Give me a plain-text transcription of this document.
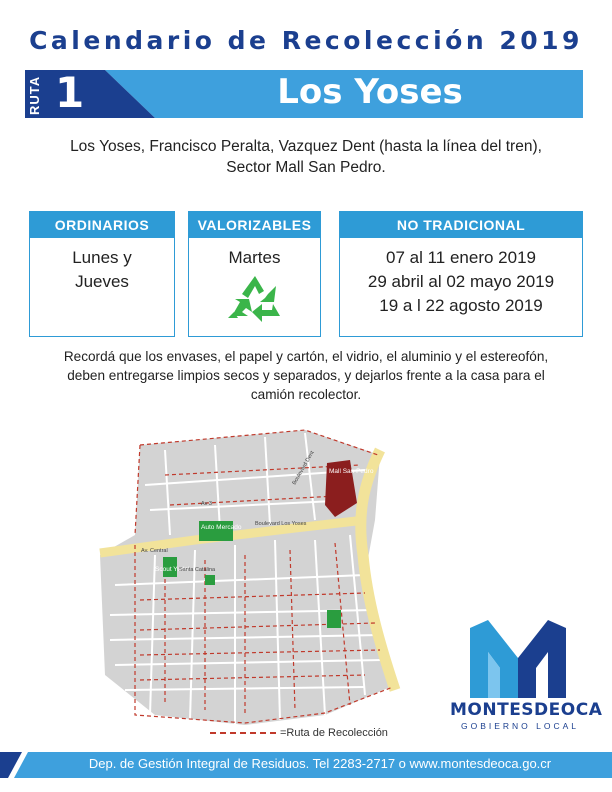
Calendario de Recolección 2019
RUTA 1	Los Yoses
Los Yoses, Francisco Peralta, Vazquez Dent (hasta la línea del tren),
Sector Mall San Pedro.
ORDINARIOS
Lunes y
Jueves
VALORIZABLES
Martes
NO TRADICIONAL
07 al 11 enero 2019
29 abril al 02 mayo 2019
19 a l 22 agosto 2019
Recordá que los envases, el papel y cartón, el vidrio, el aluminio y el estereofón,
deben entregarse limpios secos y separados, y dejarlos frente a la casa para el
camión recolector.
Mall San Pedro
Auto Mercado
Scout Yudel
Santa Catalina
Boulevard Los Yoses
Boulevard Dent
Av. Central
Av 3
=Ruta de Recolección
MONTESDEOCA
GOBIERNO LOCAL
Dep. de Gestión Integral de Residuos. Tel 2283-2717 o www.montesdeoca.go.cr
